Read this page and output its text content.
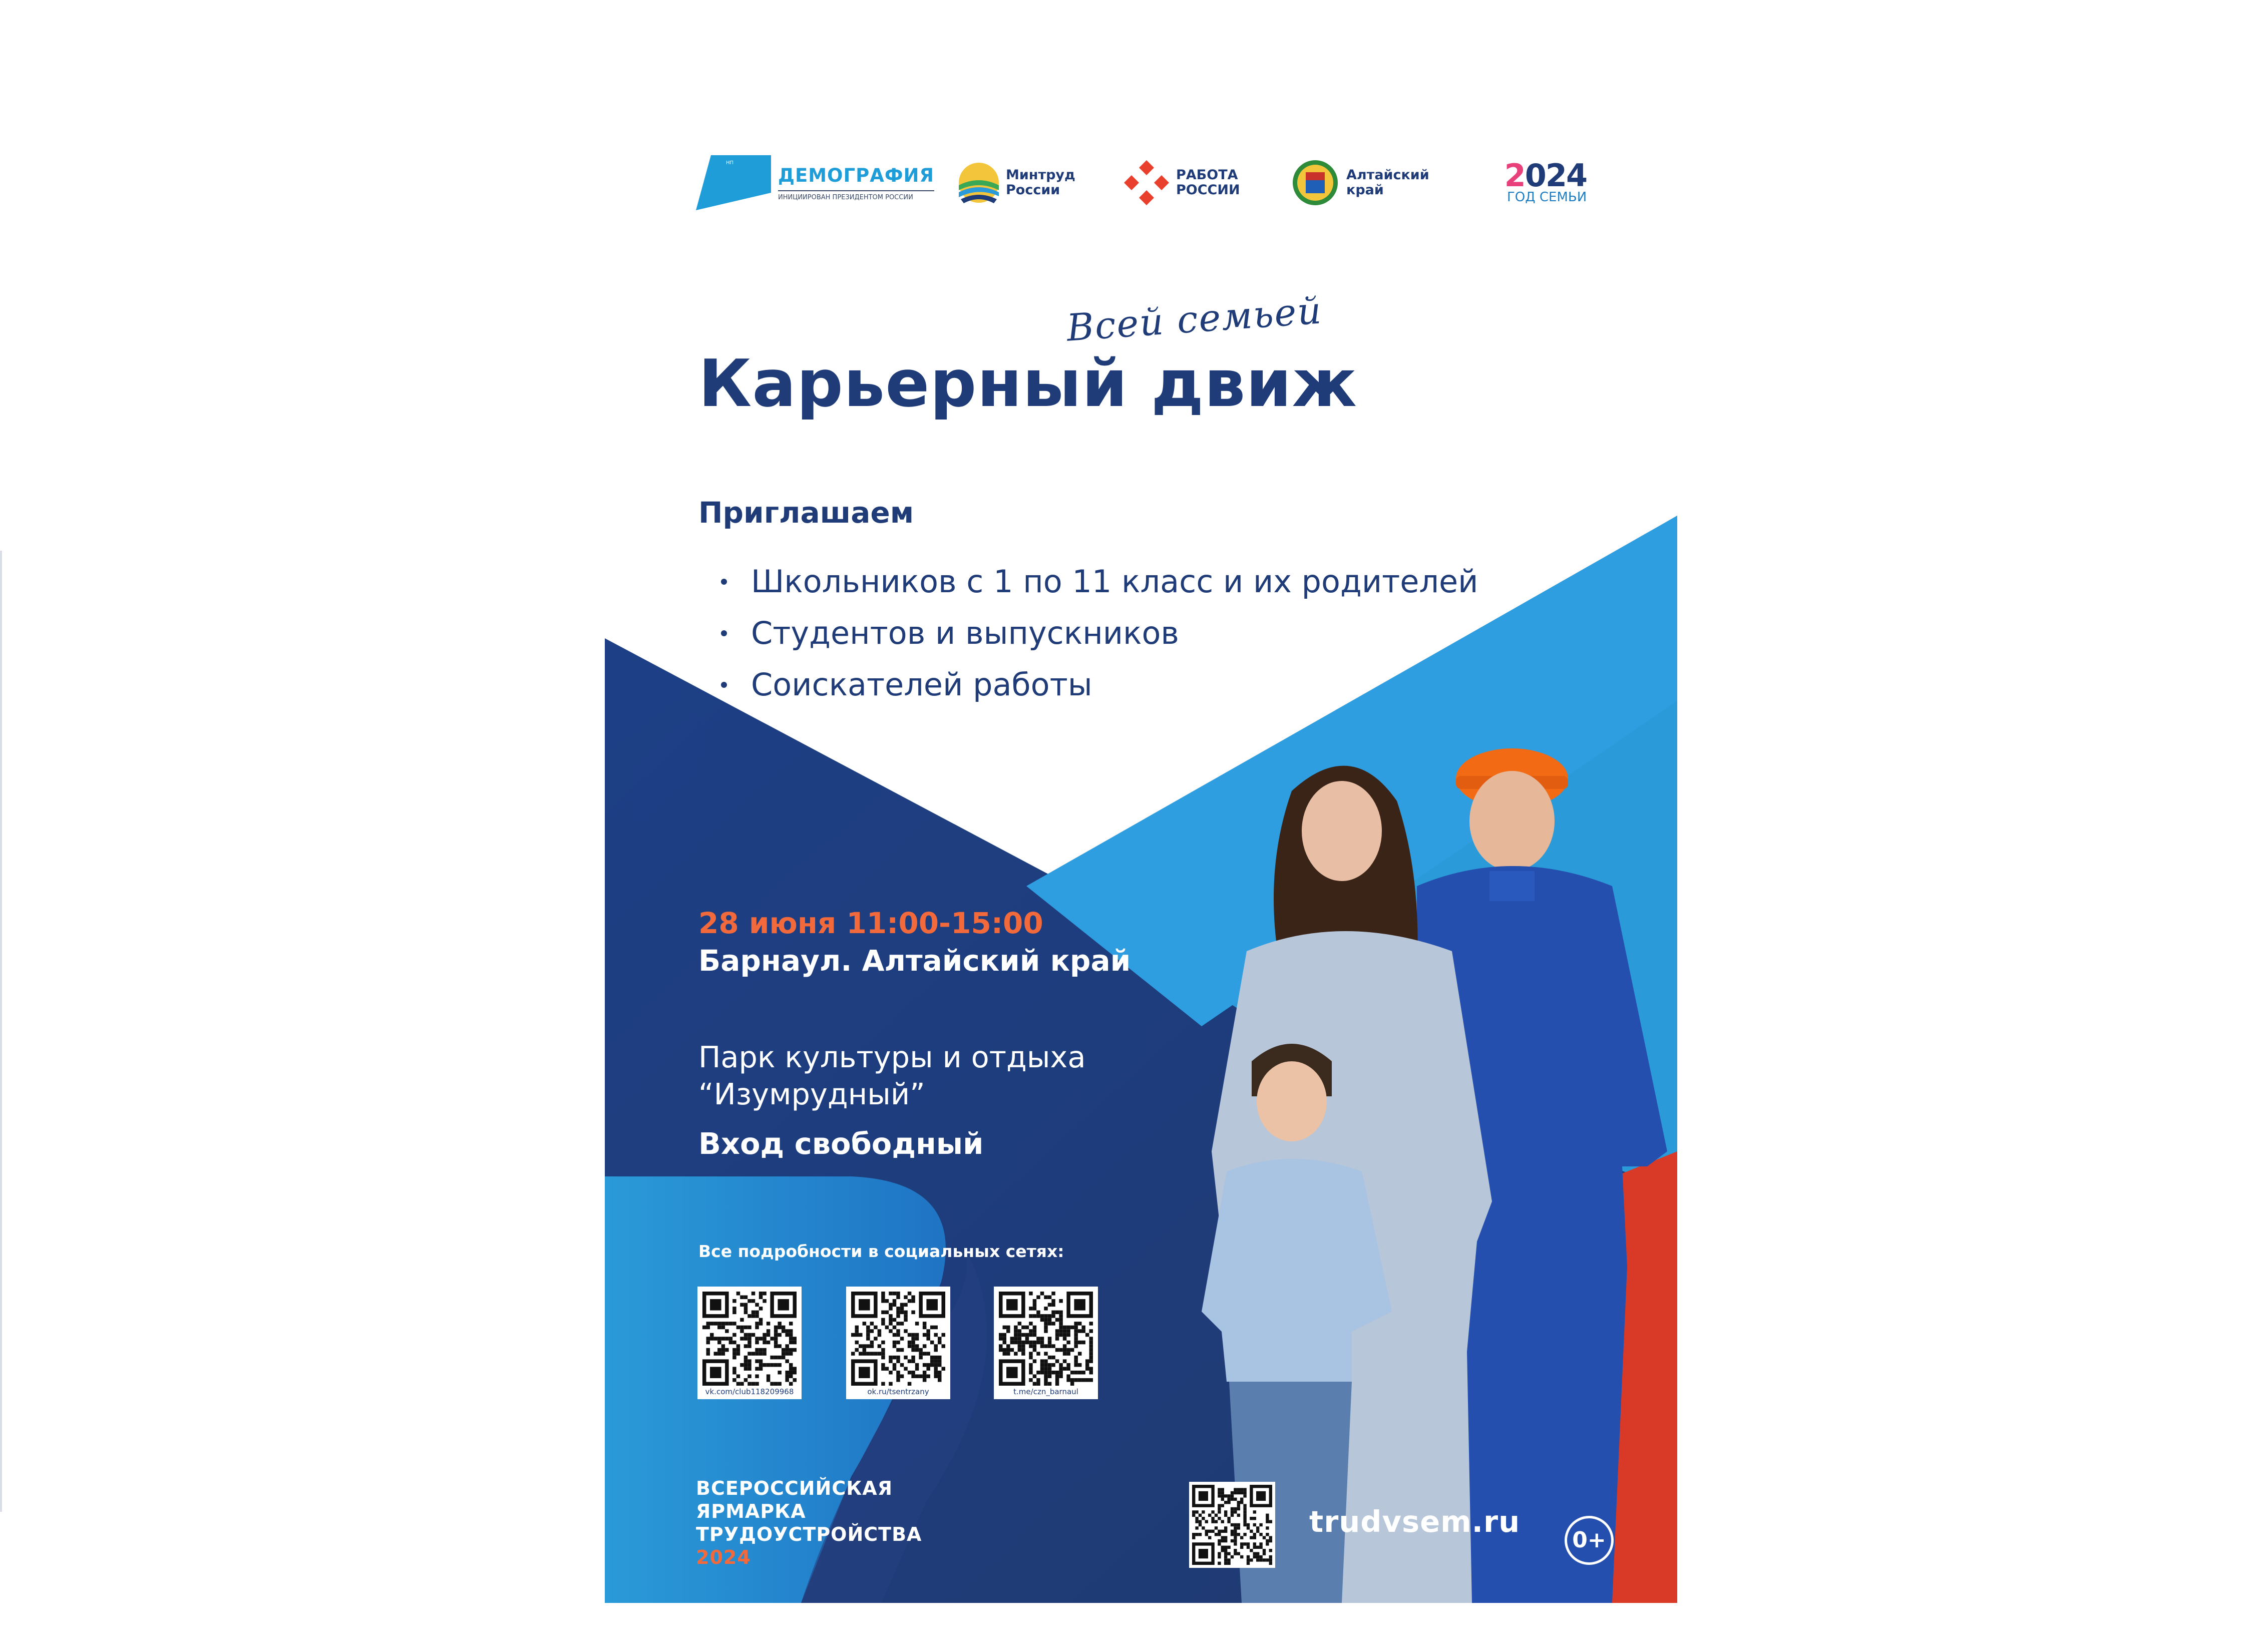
НП
ДЕМОГРАФИЯ
ИНИЦИИРОВАН ПРЕЗИДЕНТОМ РОССИИ
Минтруд
России
РАБОТА
РОССИИ
Алтайский
край	2024
ГОД СЕМЬИ
Всей семьей
Карьерный движ
Приглашаем
Школьников с 1 по 11 класс и их родителей
Студентов и выпускников
Соискателей работы
28 июня 11:00-15:00
Барнаул. Алтайский край
Парк культуры и отдыха
“Изумрудный”
Вход свободный
Все подробности в социальных сетях:
vk.com/club118209968	ok.ru/tsentrzany	t.me/czn_barnaul
ВСЕРОССИЙСКАЯ
ЯРМАРКА
ТРУДОУСТРОЙСТВА
2024
trudvsem.ru
0+
